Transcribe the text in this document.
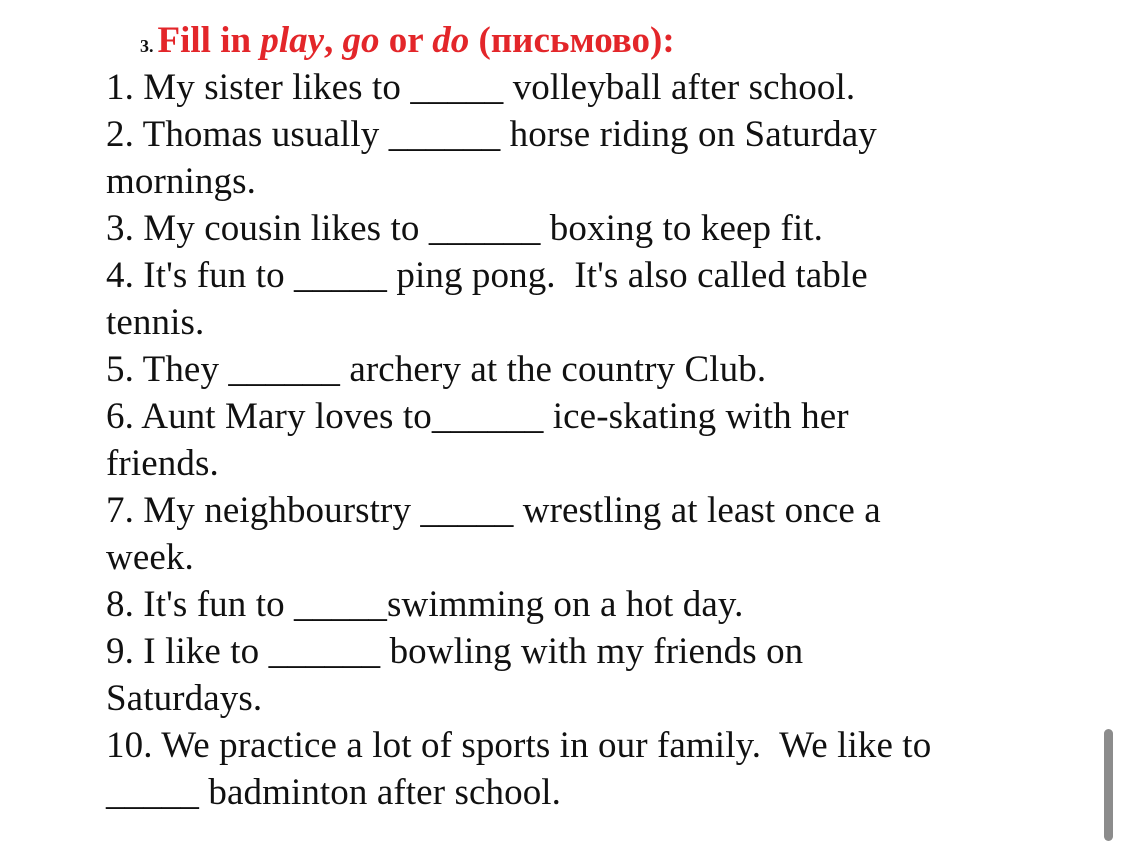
3. Fill in play, go or do (письмово):
1. My sister likes to _____ volleyball after school.
2. Thomas usually ______ horse riding on Saturday
mornings.
3. My cousin likes to ______ boxing to keep fit.
4. It's fun to _____ ping pong.  It's also called table
tennis.
5. They ______ archery at the country Club.
6. Aunt Mary loves to______ ice-skating with her
friends.
7. My neighbourstry _____ wrestling at least once a
week.
8. It's fun to _____swimming on a hot day.
9. I like to ______ bowling with my friends on
Saturdays.
10. We practice a lot of sports in our family.  We like to
_____ badminton after school.
